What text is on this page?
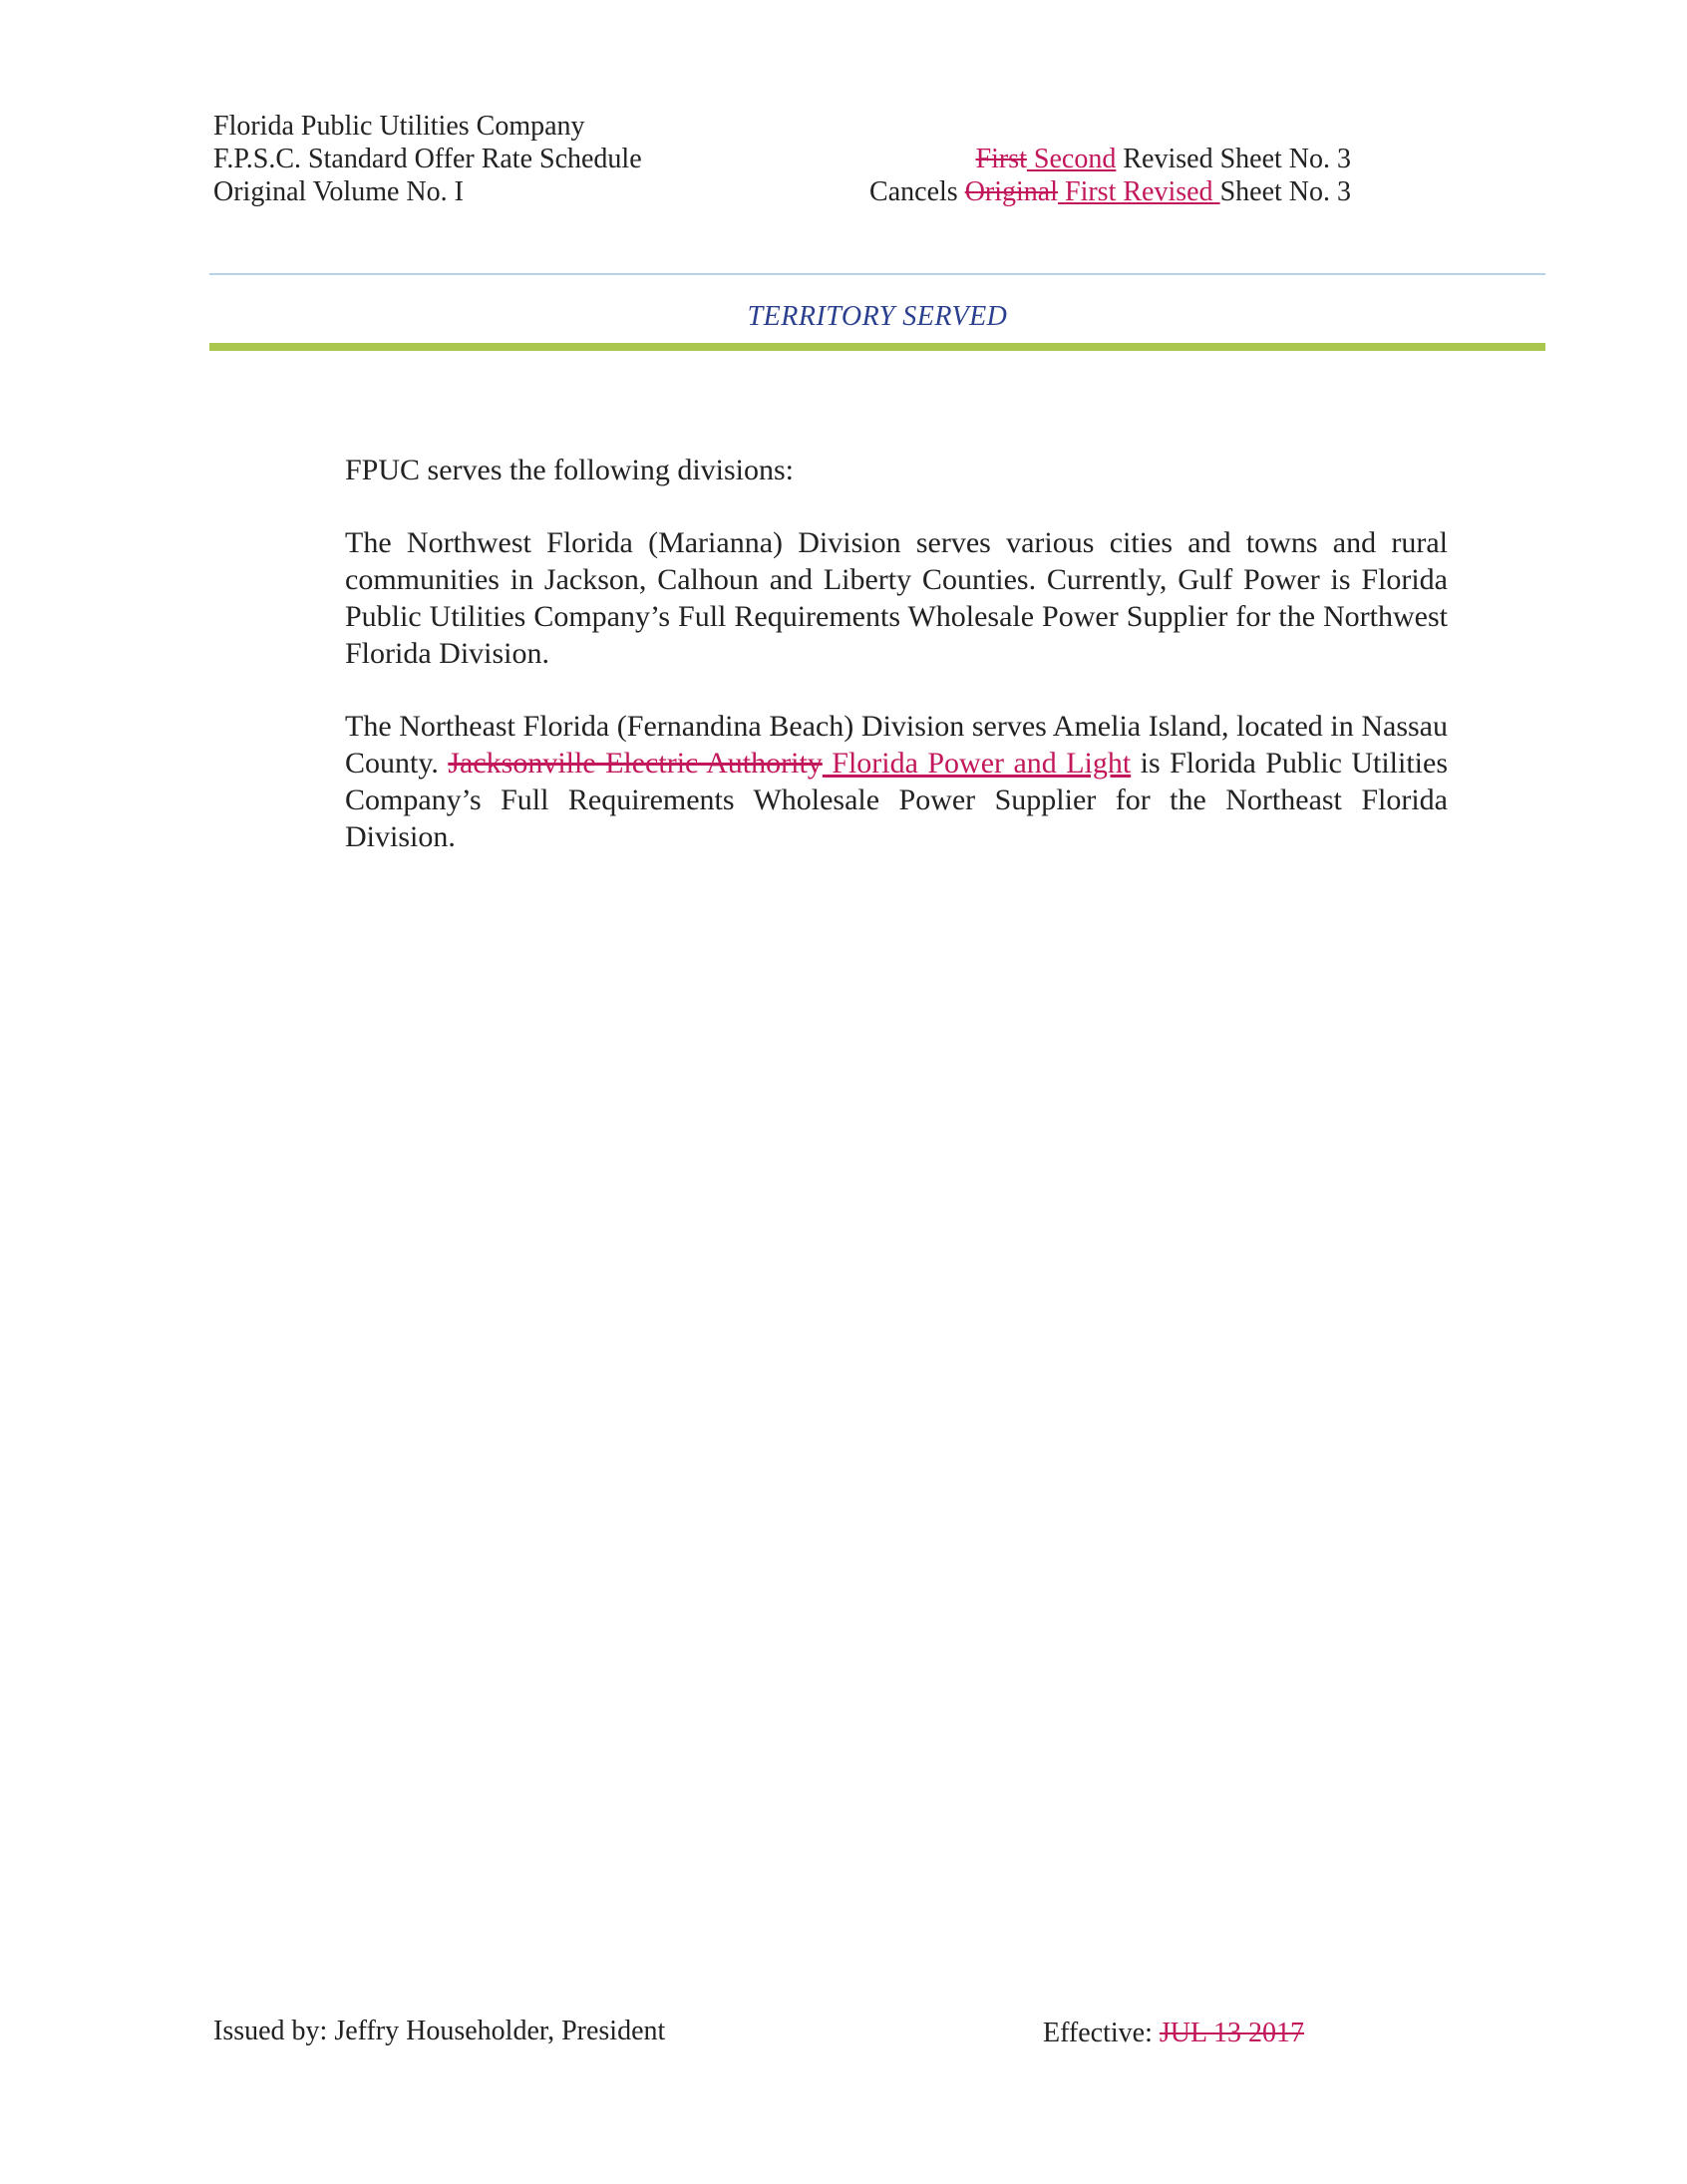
Florida Public Utilities Company
F.P.S.C. Standard Offer Rate Schedule
Original Volume No. I
First Second Revised Sheet No. 3
Cancels Original First Revised Sheet No. 3
TERRITORY SERVED

FPUC serves the following divisions:

The Northwest Florida (Marianna) Division serves various cities and towns and rural communities in Jackson, Calhoun and Liberty Counties. Currently, Gulf Power is Florida Public Utilities Company’s Full Requirements Wholesale Power Supplier for the Northwest Florida Division.

The Northeast Florida (Fernandina Beach) Division serves Amelia Island, located in Nassau County. Jacksonville Electric Authority Florida Power and Light is Florida Public Utilities Company’s Full Requirements Wholesale Power Supplier for the Northeast Florida Division.

Issued by: Jeffry Householder, President	Effective: JUL 13 2017
